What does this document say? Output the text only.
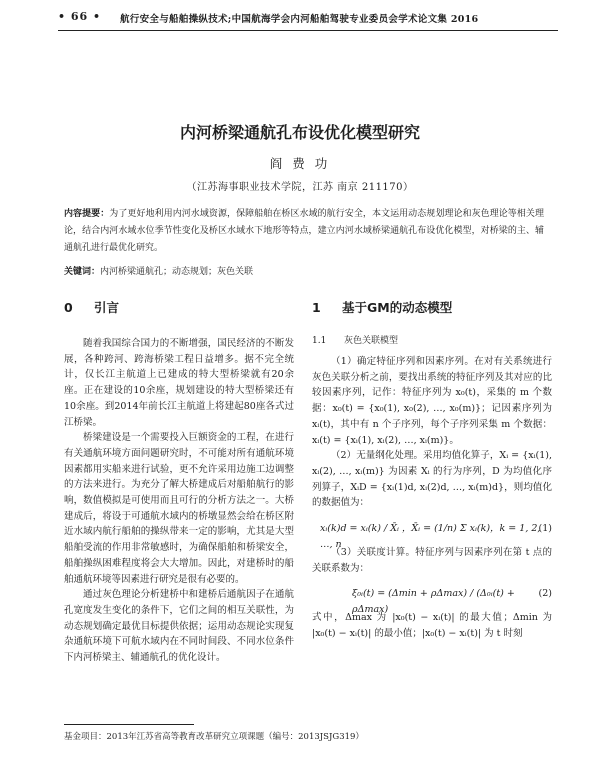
• 66 • 航行安全与船舶操纵技术;中国航海学会内河船舶驾驶专业委员会学术论文集 2016
内河桥梁通航孔布设优化模型研究
阎 费 功
（江苏海事职业技术学院，江苏 南京 211170）
内容提要：为了更好地利用内河水域资源，保障船舶在桥区水域的航行安全，本文运用动态规划理论和灰色理论等相关理论，结合内河水域水位季节性变化及桥区水域水下地形等特点，建立内河水域桥梁通航孔布设优化模型，对桥梁的主、辅通航孔进行最优化研究。
关键词：内河桥梁通航孔；动态规划；灰色关联
0 引言

随着我国综合国力的不断增强，国民经济的不断发展，各种跨河、跨海桥梁工程日益增多。据不完全统计，仅长江主航道上已建成的特大型桥梁就有20余座。正在建设的10余座，规划建设的特大型桥梁还有10余座。到2014年前长江主航道上将建起80座各式过江桥梁。

桥梁建设是一个需要投入巨额资金的工程，在进行有关通航环境方面问题研究时，不可能对所有通航环境因素都用实船来进行试验，更不允许采用边施工边调整的方法来进行。为充分了解大桥建成后对船舶航行的影响，数值模拟是可使用而且可行的分析方法之一。大桥建成后，将设于可通航水域内的桥墩显然会给在桥区附近水域内航行船舶的操纵带来一定的影响，尤其是大型船舶受流的作用非常敏感时，为确保船舶和桥梁安全，船舶操纵困难程度将会大大增加。因此，对建桥时的船舶通航环境等因素进行研究是很有必要的。

通过灰色理论分析建桥中和建桥后通航因子在通航孔宽度发生变化的条件下，它们之间的相互关联性，为动态规划确定最优目标提供依据；运用动态规论实现复杂通航环境下可航水域内在不同时间段、不同水位条件下内河桥梁主、辅通航孔的优化设计。

1 基于GM的动态模型
1.1 灰色关联模型

（1）确定特征序列和因素序列。在对有关系统进行灰色关联分析之前，要找出系统的特征序列及其对应的比较因素序列，记作：特征序列为 x₀(t)，采集的 m 个数据：x₀(t) = {x₀(1), x₀(2), …, x₀(m)}；记因素序列为 xᵢ(t)，其中有 n 个子序列，每个子序列采集 m 个数据：xᵢ(t) = {xᵢ(1), xᵢ(2), …, xᵢ(m)}。

（2）无量纲化处理。采用均值化算子，Xᵢ = {xᵢ(1), xᵢ(2), …, xᵢ(m)} 为因素 Xᵢ 的行为序列，D 为均值化序列算子，XᵢD = {xᵢ(1)d, xᵢ(2)d, …, xᵢ(m)d}，则均值化的数据值为：

xᵢ(k)d = xᵢ(k) / X̄ᵢ ，X̄ᵢ = (1/n) Σ xᵢ(k)，k = 1, 2, …, n
(1)

（3）关联度计算。特征序列与因素序列在第 t 点的关联系数为：

ξ₀ᵢ(t) = (Δmin + ρΔmax) / (Δ₀ᵢ(t) + ρΔmax)
(2)

式中，Δmax 为 |x₀(t) − xᵢ(t)| 的最大值；Δmin 为 |x₀(t) − xᵢ(t)| 的最小值；|x₀(t) − xᵢ(t)| 为 t 时刻

基金项目：2013年江苏省高等教育改革研究立项课题（编号：2013JSJG319）
